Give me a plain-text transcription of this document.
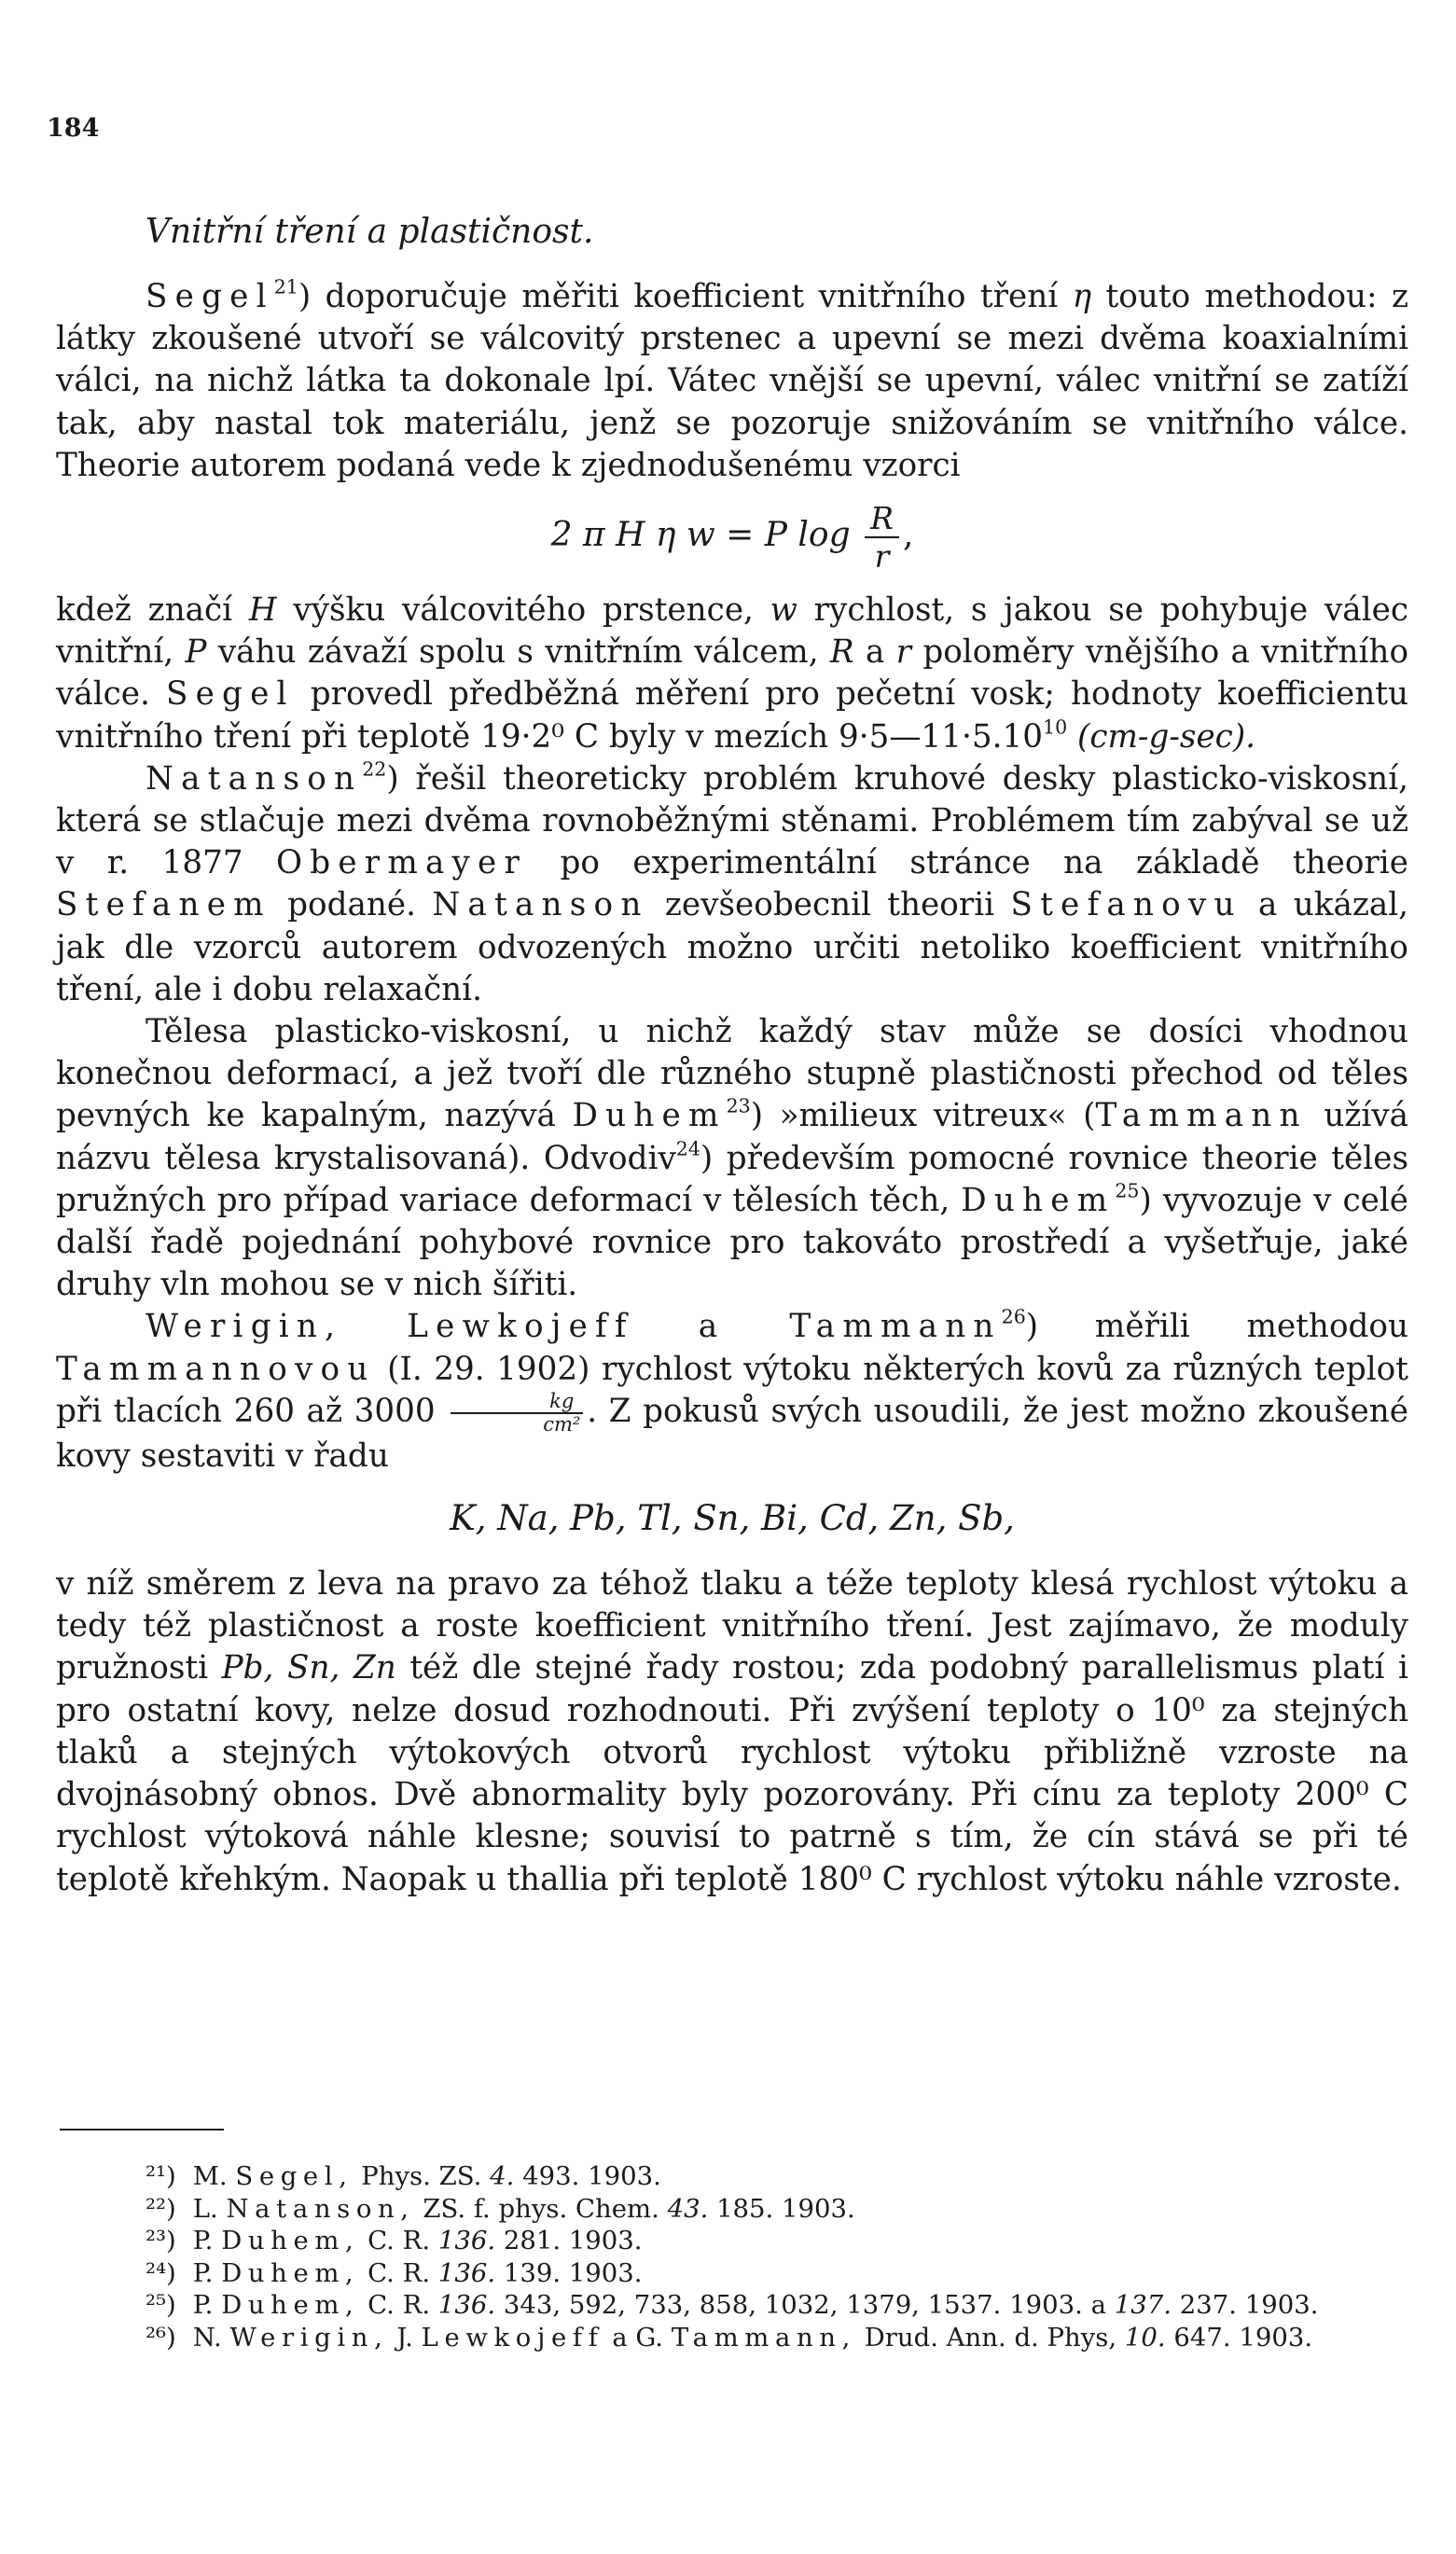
184
Vnitřní tření a plastičnost.

Segel$^{21}$) doporučuje měřiti koefficient vnitřního tření η touto methodou: z látky zkoušené utvoří se válcovitý prstenec a upevní se mezi dvěma koaxialními válci, na nichž látka ta dokonale lpí. Vátec vnější se upevní, válec vnitřní se zatíží tak, aby nastal tok materiálu, jenž se pozoruje snižováním se vnitřního válce. Theorie autorem podaná vede k zjednodušenému vzorci

2 π H η w = P $\log \frac{R}{r}$ ,

kdež značí H výšku válcovitého prstence, w rychlost, s jakou se pohybuje válec vnitřní, P váhu závaží spolu s vnitřním válcem, R a r poloměry vnějšího a vnitřního válce. Segel provedl předběžná měření pro pečetní vosk; hodnoty koefficientu vnitřního tření při teplotě 19·2⁰ C byly v mezích $9\cdot 5—11\cdot 5.10^{10}$ (cm-g-sec).

Natanson$^{22}$) řešil theoreticky problém kruhové desky plasticko-viskosní, která se stlačuje mezi dvěma rovnoběžnými stěnami. Problémem tím zabýval se už v r. 1877 Obermayer po experimentální stránce na základě theorie Stefanem podané. Natanson zevšeobecnil theorii Stefanovu a ukázal, jak dle vzorců autorem odvozených možno určiti netoliko koefficient vnitřního tření, ale i dobu relaxační.

Tělesa plasticko-viskosní, u nichž každý stav může se dosíci vhodnou konečnou deformací, a jež tvoří dle různého stupně plastičnosti přechod od těles pevných ke kapalným, nazývá Duhem$^{23}$) »milieux vitreux« (Tammann užívá názvu tělesa krystalisovaná). Odvodiv$^{24}$) především pomocné rovnice theorie těles pružných pro případ variace deformací v tělesích těch, Duhem$^{25}$) vyvozuje v celé další řadě pojednání pohybové rovnice pro takováto prostředí a vyšetřuje, jaké druhy vln mohou se v nich šířiti.

Werigin, Lewkojeff a Tammann$^{26}$) měřili methodou Tammannovou (I. 29. 1902) rychlost výtoku některých kovů za různých teplot při tlacích 260 až $3000 \frac{kg}{\text{cm²}}$ . Z pokusů svých usoudili, že jest možno zkoušené kovy sestaviti v řadu

K, Na, Pb, Tl, Sn, Bi, Cd, Zn, Sb,

v níž směrem z leva na pravo za téhož tlaku a téže teploty klesá rychlost výtoku a tedy též plastičnost a roste koefficient vnitřního tření. Jest zajímavo, že moduly pružnosti Pb, Sn, Zn též dle stejné řady rostou; zda podobný parallelismus platí i pro ostatní kovy, nelze dosud rozhodnouti. Při zvýšení teploty o 10⁰ za stejných tlaků a stejných výtokových otvorů rychlost výtoku přibližně vzroste na dvojnásobný obnos. Dvě abnormality byly pozorovány. Při cínu za teploty 200⁰ C rychlost výtoková náhle klesne; souvisí to patrně s tím, že cín stává se při té teplotě křehkým. Naopak u thallia při teplotě 180⁰ C rychlost výtoku náhle vzroste.

²¹) M. Segel, Phys. ZS. 4. 493. 1903.

²²) L. Natanson, ZS. f. phys. Chem. 43. 185. 1903.

²³) P. Duhem, C. R. 136. 281. 1903.

²⁴) P. Duhem, C. R. 136. 139. 1903.

²⁵) P. Duhem, C. R. 136. 343, 592, 733, 858, 1032, 1379, 1537. 1903. a 137. 237. 1903.

²⁶) N. Werigin, J. Lewkojeff a G. Tammann, Drud. Ann. d. Phys, 10. 647. 1903.
